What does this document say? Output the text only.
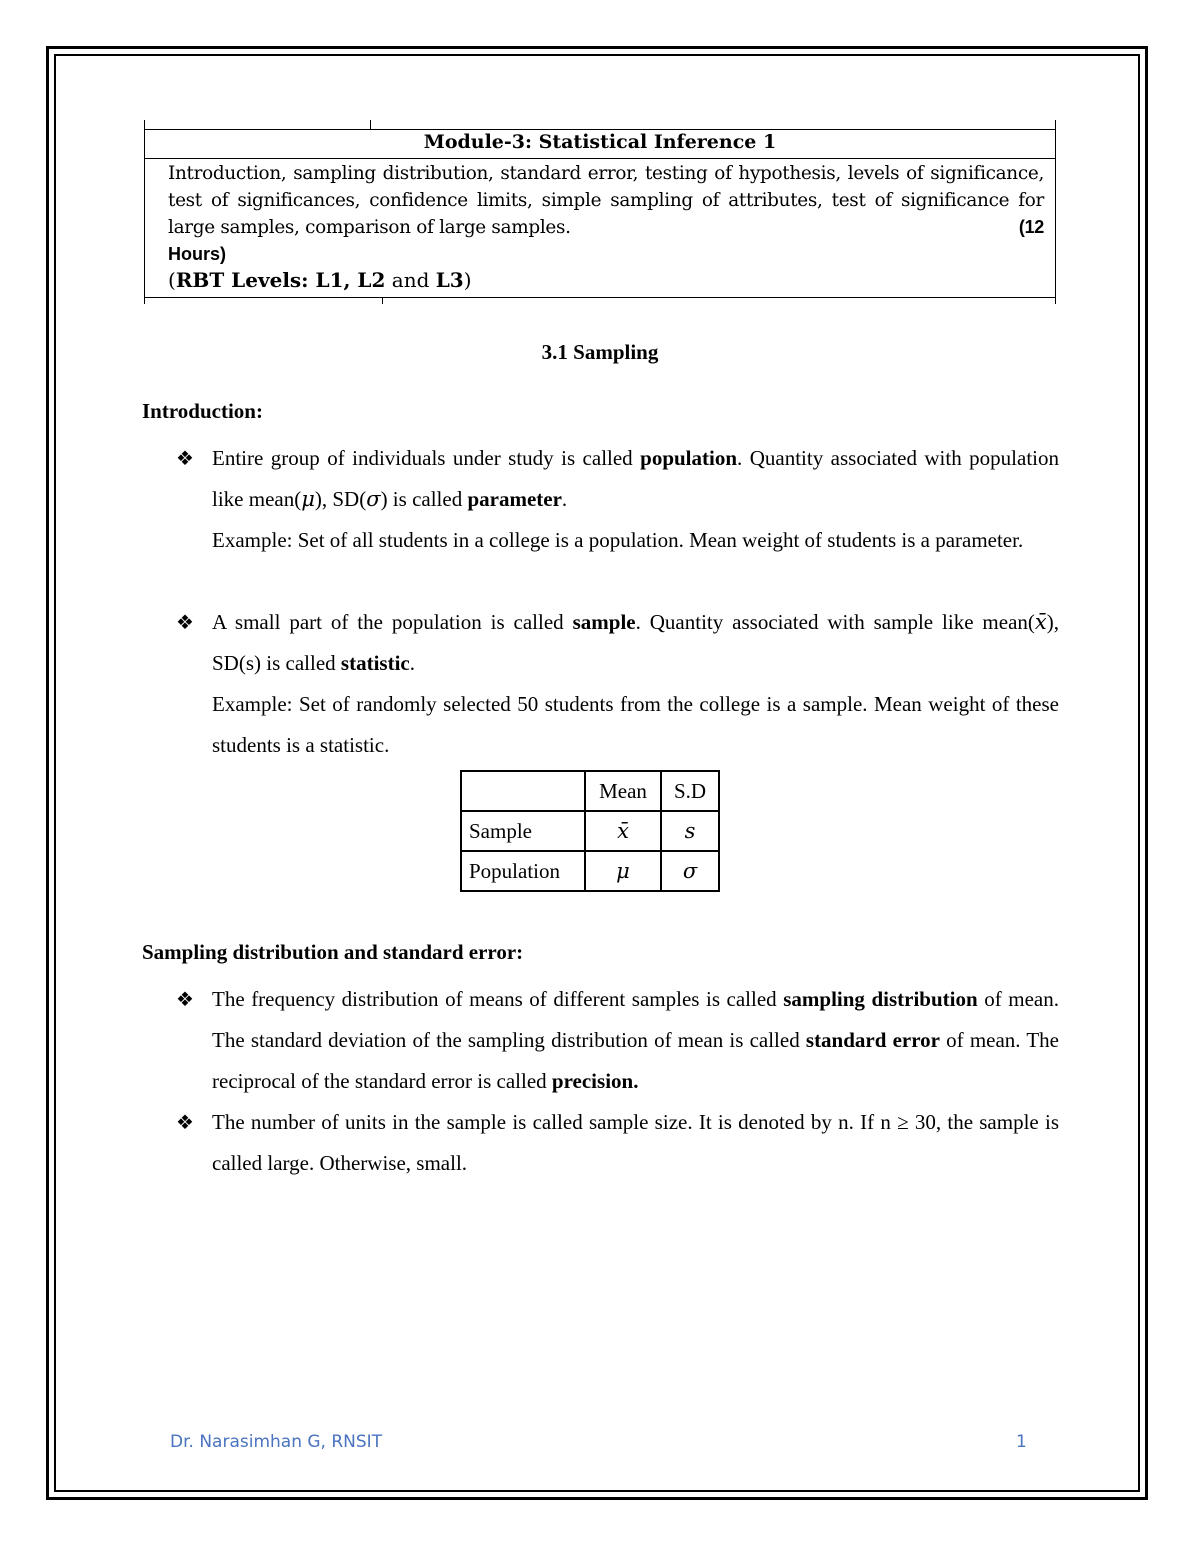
Module-3: Statistical Inference 1
Introduction, sampling distribution, standard error, testing of hypothesis, levels of significance, test of significances, confidence limits, simple sampling of attributes, test of significance for large samples, comparison of large samples.	(12
Hours)
(RBT Levels: L1, L2 and L3)
3.1 Sampling
Introduction:
❖ Entire group of individuals under study is called population. Quantity associated with population like mean(μ), SD(σ) is called parameter.

Example: Set of all students in a college is a population. Mean weight of students is a parameter.

❖ A small part of the population is called sample. Quantity associated with sample like mean(x̄), SD(s) is called statistic.

Example: Set of randomly selected 50 students from the college is a sample. Mean weight of these students is a statistic.

	Mean	S.D
Sample	x̄	s
Population	μ	σ
Sampling distribution and standard error:
❖ The frequency distribution of means of different samples is called sampling distribution of mean. The standard deviation of the sampling distribution of mean is called standard error of mean. The reciprocal of the standard error is called precision.

❖ The number of units in the sample is called sample size. It is denoted by n. If n ≥ 30, the sample is called large. Otherwise, small.

Dr. Narasimhan G, RNSIT	1
